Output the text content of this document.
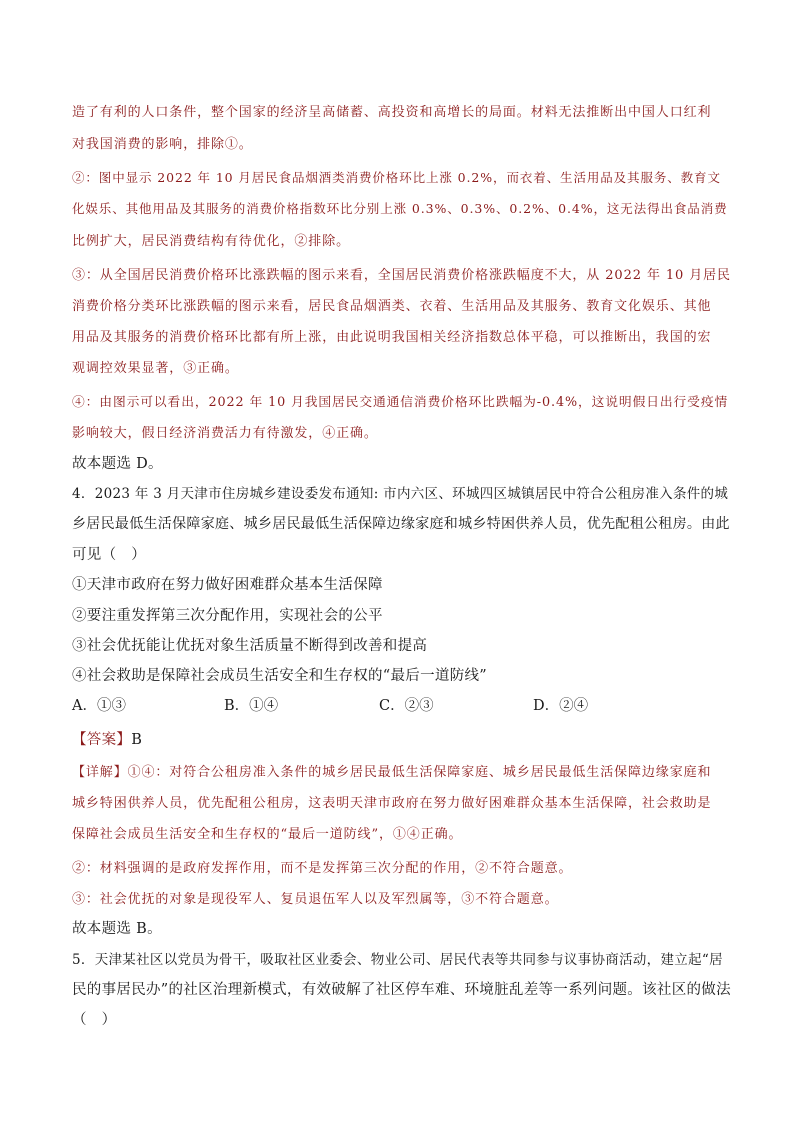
造了有利的人口条件，整个国家的经济呈高储蓄、高投资和高增长的局面。材料无法推断出中国人口红利
对我国消费的影响，排除①。
②：图中显示 2022 年 10 月居民食品烟酒类消费价格环比上涨 0.2%，而衣着、生活用品及其服务、教育文
化娱乐、其他用品及其服务的消费价格指数环比分别上涨 0.3%、0.3%、0.2%、0.4%，这无法得出食品消费
比例扩大，居民消费结构有待优化，②排除。
③：从全国居民消费价格环比涨跌幅的图示来看，全国居民消费价格涨跌幅度不大，从 2022 年 10 月居民
消费价格分类环比涨跌幅的图示来看，居民食品烟酒类、衣着、生活用品及其服务、教育文化娱乐、其他
用品及其服务的消费价格环比都有所上涨，由此说明我国相关经济指数总体平稳，可以推断出，我国的宏
观调控效果显著，③正确。
④：由图示可以看出，2022 年 10 月我国居民交通通信消费价格环比跌幅为-0.4%，这说明假日出行受疫情
影响较大，假日经济消费活力有待激发，④正确。
故本题选 D。
4．2023 年 3 月天津市住房城乡建设委发布通知: 市内六区、环城四区城镇居民中符合公租房准入条件的城
乡居民最低生活保障家庭、城乡居民最低生活保障边缘家庭和城乡特困供养人员，优先配租公租房。由此
可见（　）
①天津市政府在努力做好困难群众基本生活保障
②要注重发挥第三次分配作用，实现社会的公平
③社会优抚能让优抚对象生活质量不断得到改善和提高
④社会救助是保障社会成员生活安全和生存权的“最后一道防线”
A．①③	B．①④	C．②③	D．②④
【答案】B
【详解】①④：对符合公租房准入条件的城乡居民最低生活保障家庭、城乡居民最低生活保障边缘家庭和
城乡特困供养人员，优先配租公租房，这表明天津市政府在努力做好困难群众基本生活保障，社会救助是
保障社会成员生活安全和生存权的“最后一道防线”，①④正确。
②：材料强调的是政府发挥作用，而不是发挥第三次分配的作用，②不符合题意。
③：社会优抚的对象是现役军人、复员退伍军人以及军烈属等，③不符合题意。
故本题选 B。
5．天津某社区以党员为骨干，吸取社区业委会、物业公司、居民代表等共同参与议事协商活动，建立起“居
民的事居民办”的社区治理新模式，有效破解了社区停车难、环境脏乱差等一系列问题。该社区的做法
（　）
